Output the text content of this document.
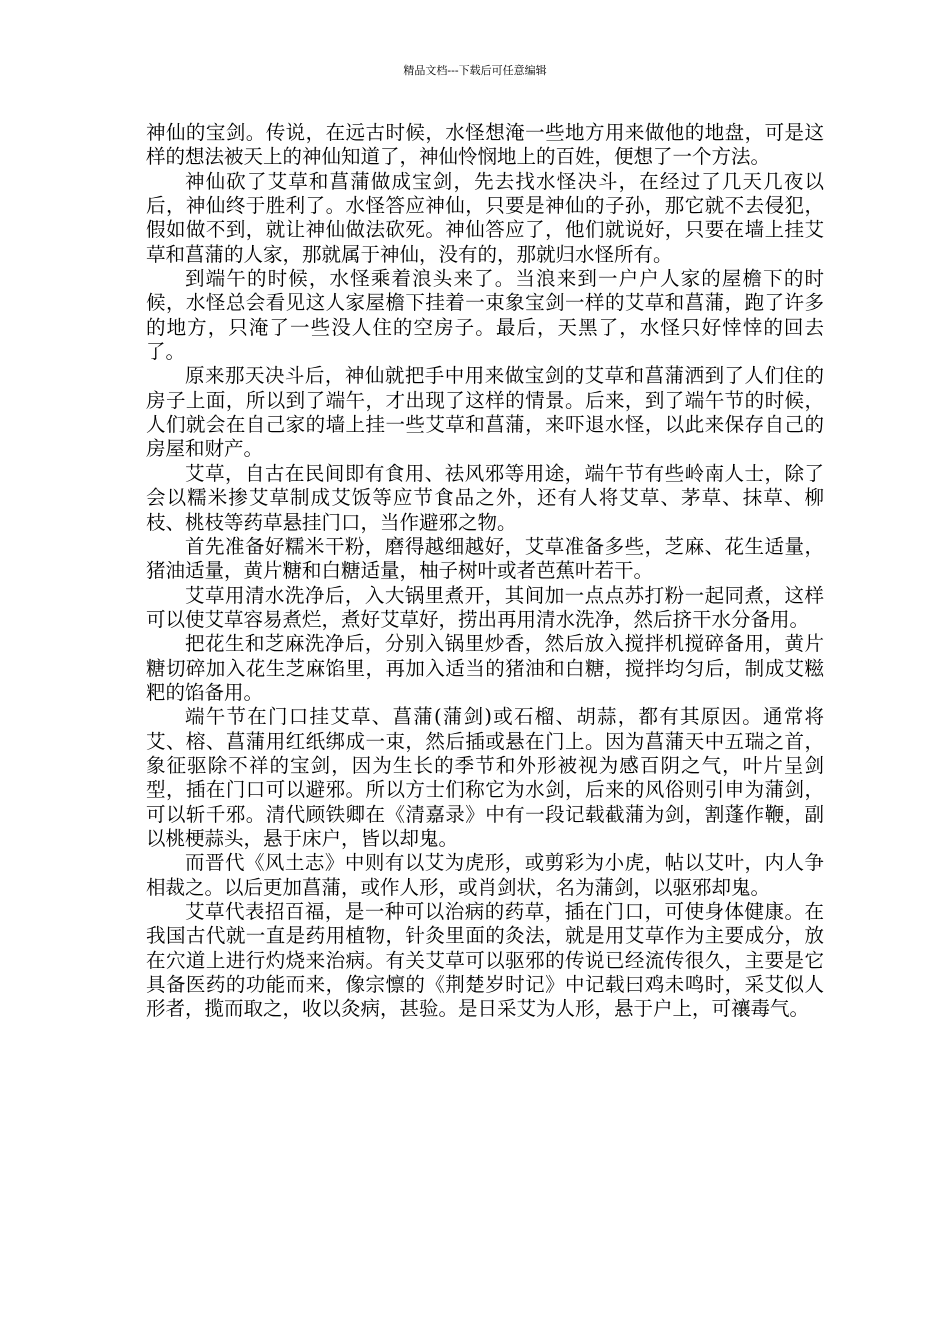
精品文档---下载后可任意编辑

神仙的宝剑。传说，在远古时候，水怪想淹一些地方用来做他的地盘，可是这样的想法被天上的神仙知道了，神仙怜悯地上的百姓，便想了一个方法。

神仙砍了艾草和菖蒲做成宝剑，先去找水怪决斗，在经过了几天几夜以后，神仙终于胜利了。水怪答应神仙，只要是神仙的子孙，那它就不去侵犯，假如做不到，就让神仙做法砍死。神仙答应了，他们就说好，只要在墙上挂艾草和菖蒲的人家，那就属于神仙，没有的，那就归水怪所有。

到端午的时候，水怪乘着浪头来了。当浪来到一户户人家的屋檐下的时候，水怪总会看见这人家屋檐下挂着一束象宝剑一样的艾草和菖蒲，跑了许多的地方，只淹了一些没人住的空房子。最后，天黑了，水怪只好悻悻的回去了。

原来那天决斗后，神仙就把手中用来做宝剑的艾草和菖蒲洒到了人们住的房子上面，所以到了端午，才出现了这样的情景。后来，到了端午节的时候，人们就会在自己家的墙上挂一些艾草和菖蒲，来吓退水怪，以此来保存自己的房屋和财产。

艾草，自古在民间即有食用、祛风邪等用途，端午节有些岭南人士，除了会以糯米掺艾草制成艾饭等应节食品之外，还有人将艾草、茅草、抹草、柳枝、桃枝等药草悬挂门口，当作避邪之物。

首先准备好糯米干粉，磨得越细越好，艾草准备多些，芝麻、花生适量，猪油适量，黄片糖和白糖适量，柚子树叶或者芭蕉叶若干。

艾草用清水洗净后，入大锅里煮开，其间加一点点苏打粉一起同煮，这样可以使艾草容易煮烂，煮好艾草好，捞出再用清水洗净，然后挤干水分备用。

把花生和芝麻洗净后，分别入锅里炒香，然后放入搅拌机搅碎备用，黄片糖切碎加入花生芝麻馅里，再加入适当的猪油和白糖，搅拌均匀后，制成艾糍粑的馅备用。

端午节在门口挂艾草、菖蒲(蒲剑)或石榴、胡蒜，都有其原因。通常将艾、榕、菖蒲用红纸绑成一束，然后插或悬在门上。因为菖蒲天中五瑞之首，象征驱除不祥的宝剑，因为生长的季节和外形被视为感百阴之气，叶片呈剑型，插在门口可以避邪。所以方士们称它为水剑，后来的风俗则引申为蒲剑，可以斩千邪。清代顾铁卿在《清嘉录》中有一段记载截蒲为剑，割蓬作鞭，副以桃梗蒜头，悬于床户，皆以却鬼。

而晋代《风土志》中则有以艾为虎形，或剪彩为小虎，帖以艾叶，内人争相裁之。以后更加菖蒲，或作人形，或肖剑状，名为蒲剑，以驱邪却鬼。

艾草代表招百福，是一种可以治病的药草，插在门口，可使身体健康。在我国古代就一直是药用植物，针灸里面的灸法，就是用艾草作为主要成分，放在穴道上进行灼烧来治病。有关艾草可以驱邪的传说已经流传很久，主要是它具备医药的功能而来，像宗懔的《荆楚岁时记》中记载曰鸡未鸣时，采艾似人形者，揽而取之，收以灸病，甚验。是日采艾为人形，悬于户上，可禳毒气。
